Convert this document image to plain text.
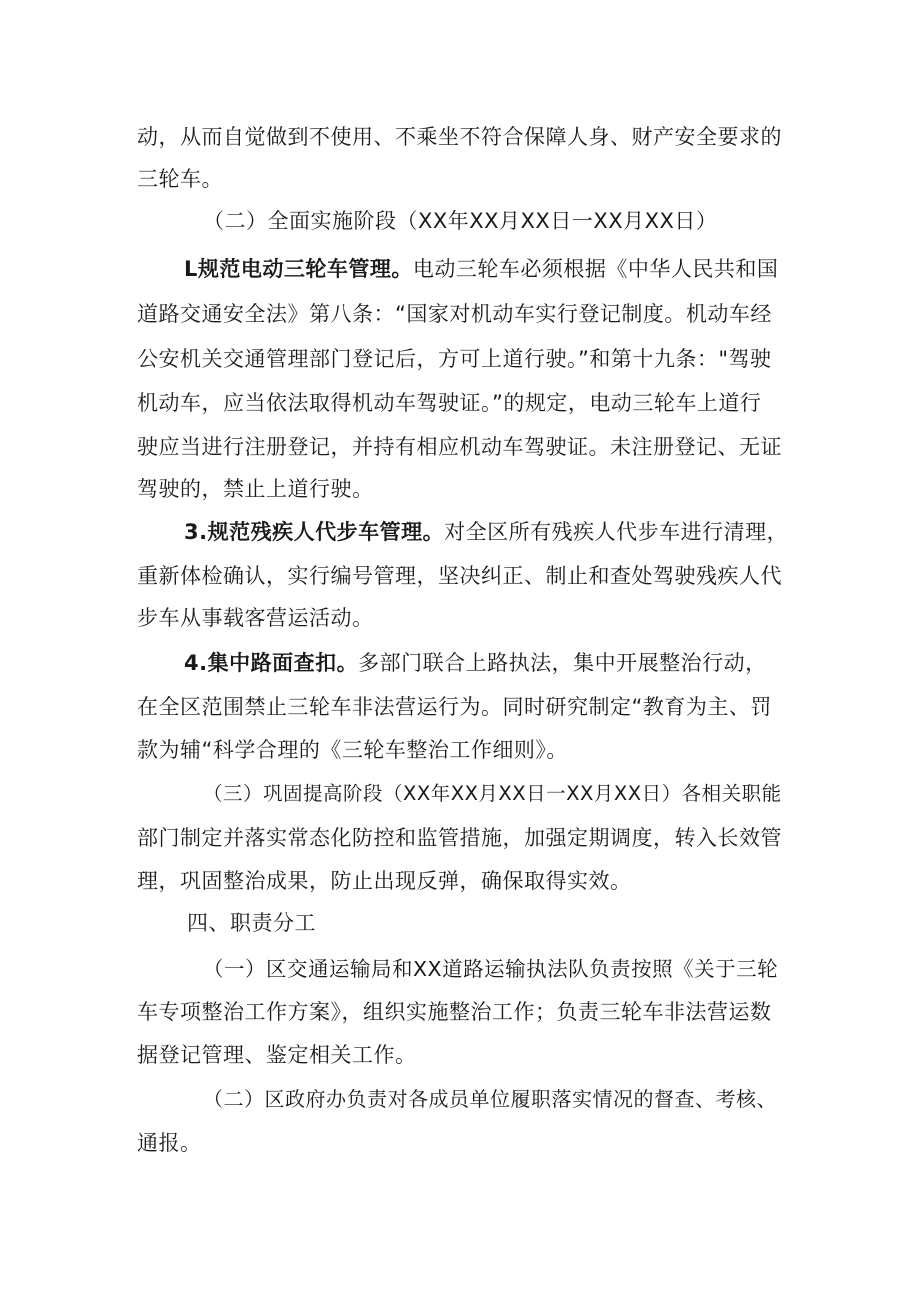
动，从而自觉做到不使用、不乘坐不符合保障人身、财产安全要求的
三轮车。
（二）全面实施阶段（XX年XX月XX日一XX月XX日）
L规范电动三轮车管理。电动三轮车必须根据《中华人民共和国
道路交通安全法》第八条：“国家对机动车实行登记制度。机动车经
公安机关交通管理部门登记后，方可上道行驶。”和第十九条："驾驶
机动车，应当依法取得机动车驾驶证。”的规定，电动三轮车上道行
驶应当进行注册登记，并持有相应机动车驾驶证。未注册登记、无证
驾驶的，禁止上道行驶。
3.规范残疾人代步车管理。对全区所有残疾人代步车进行清理，
重新体检确认，实行编号管理，坚决纠正、制止和查处驾驶残疾人代
步车从事载客营运活动。
4.集中路面查扣。多部门联合上路执法，集中开展整治行动，
在全区范围禁止三轮车非法营运行为。同时研究制定“教育为主、罚
款为辅“科学合理的《三轮车整治工作细则》。
（三）巩固提高阶段（XX年XX月XX日一XX月XX日）各相关职能
部门制定并落实常态化防控和监管措施，加强定期调度，转入长效管
理，巩固整治成果，防止出现反弹，确保取得实效。
四、职责分工
（一）区交通运输局和XX道路运输执法队负责按照《关于三轮
车专项整治工作方案》，组织实施整治工作；负责三轮车非法营运数
据登记管理、鉴定相关工作。
（二）区政府办负责对各成员单位履职落实情况的督查、考核、
通报。
